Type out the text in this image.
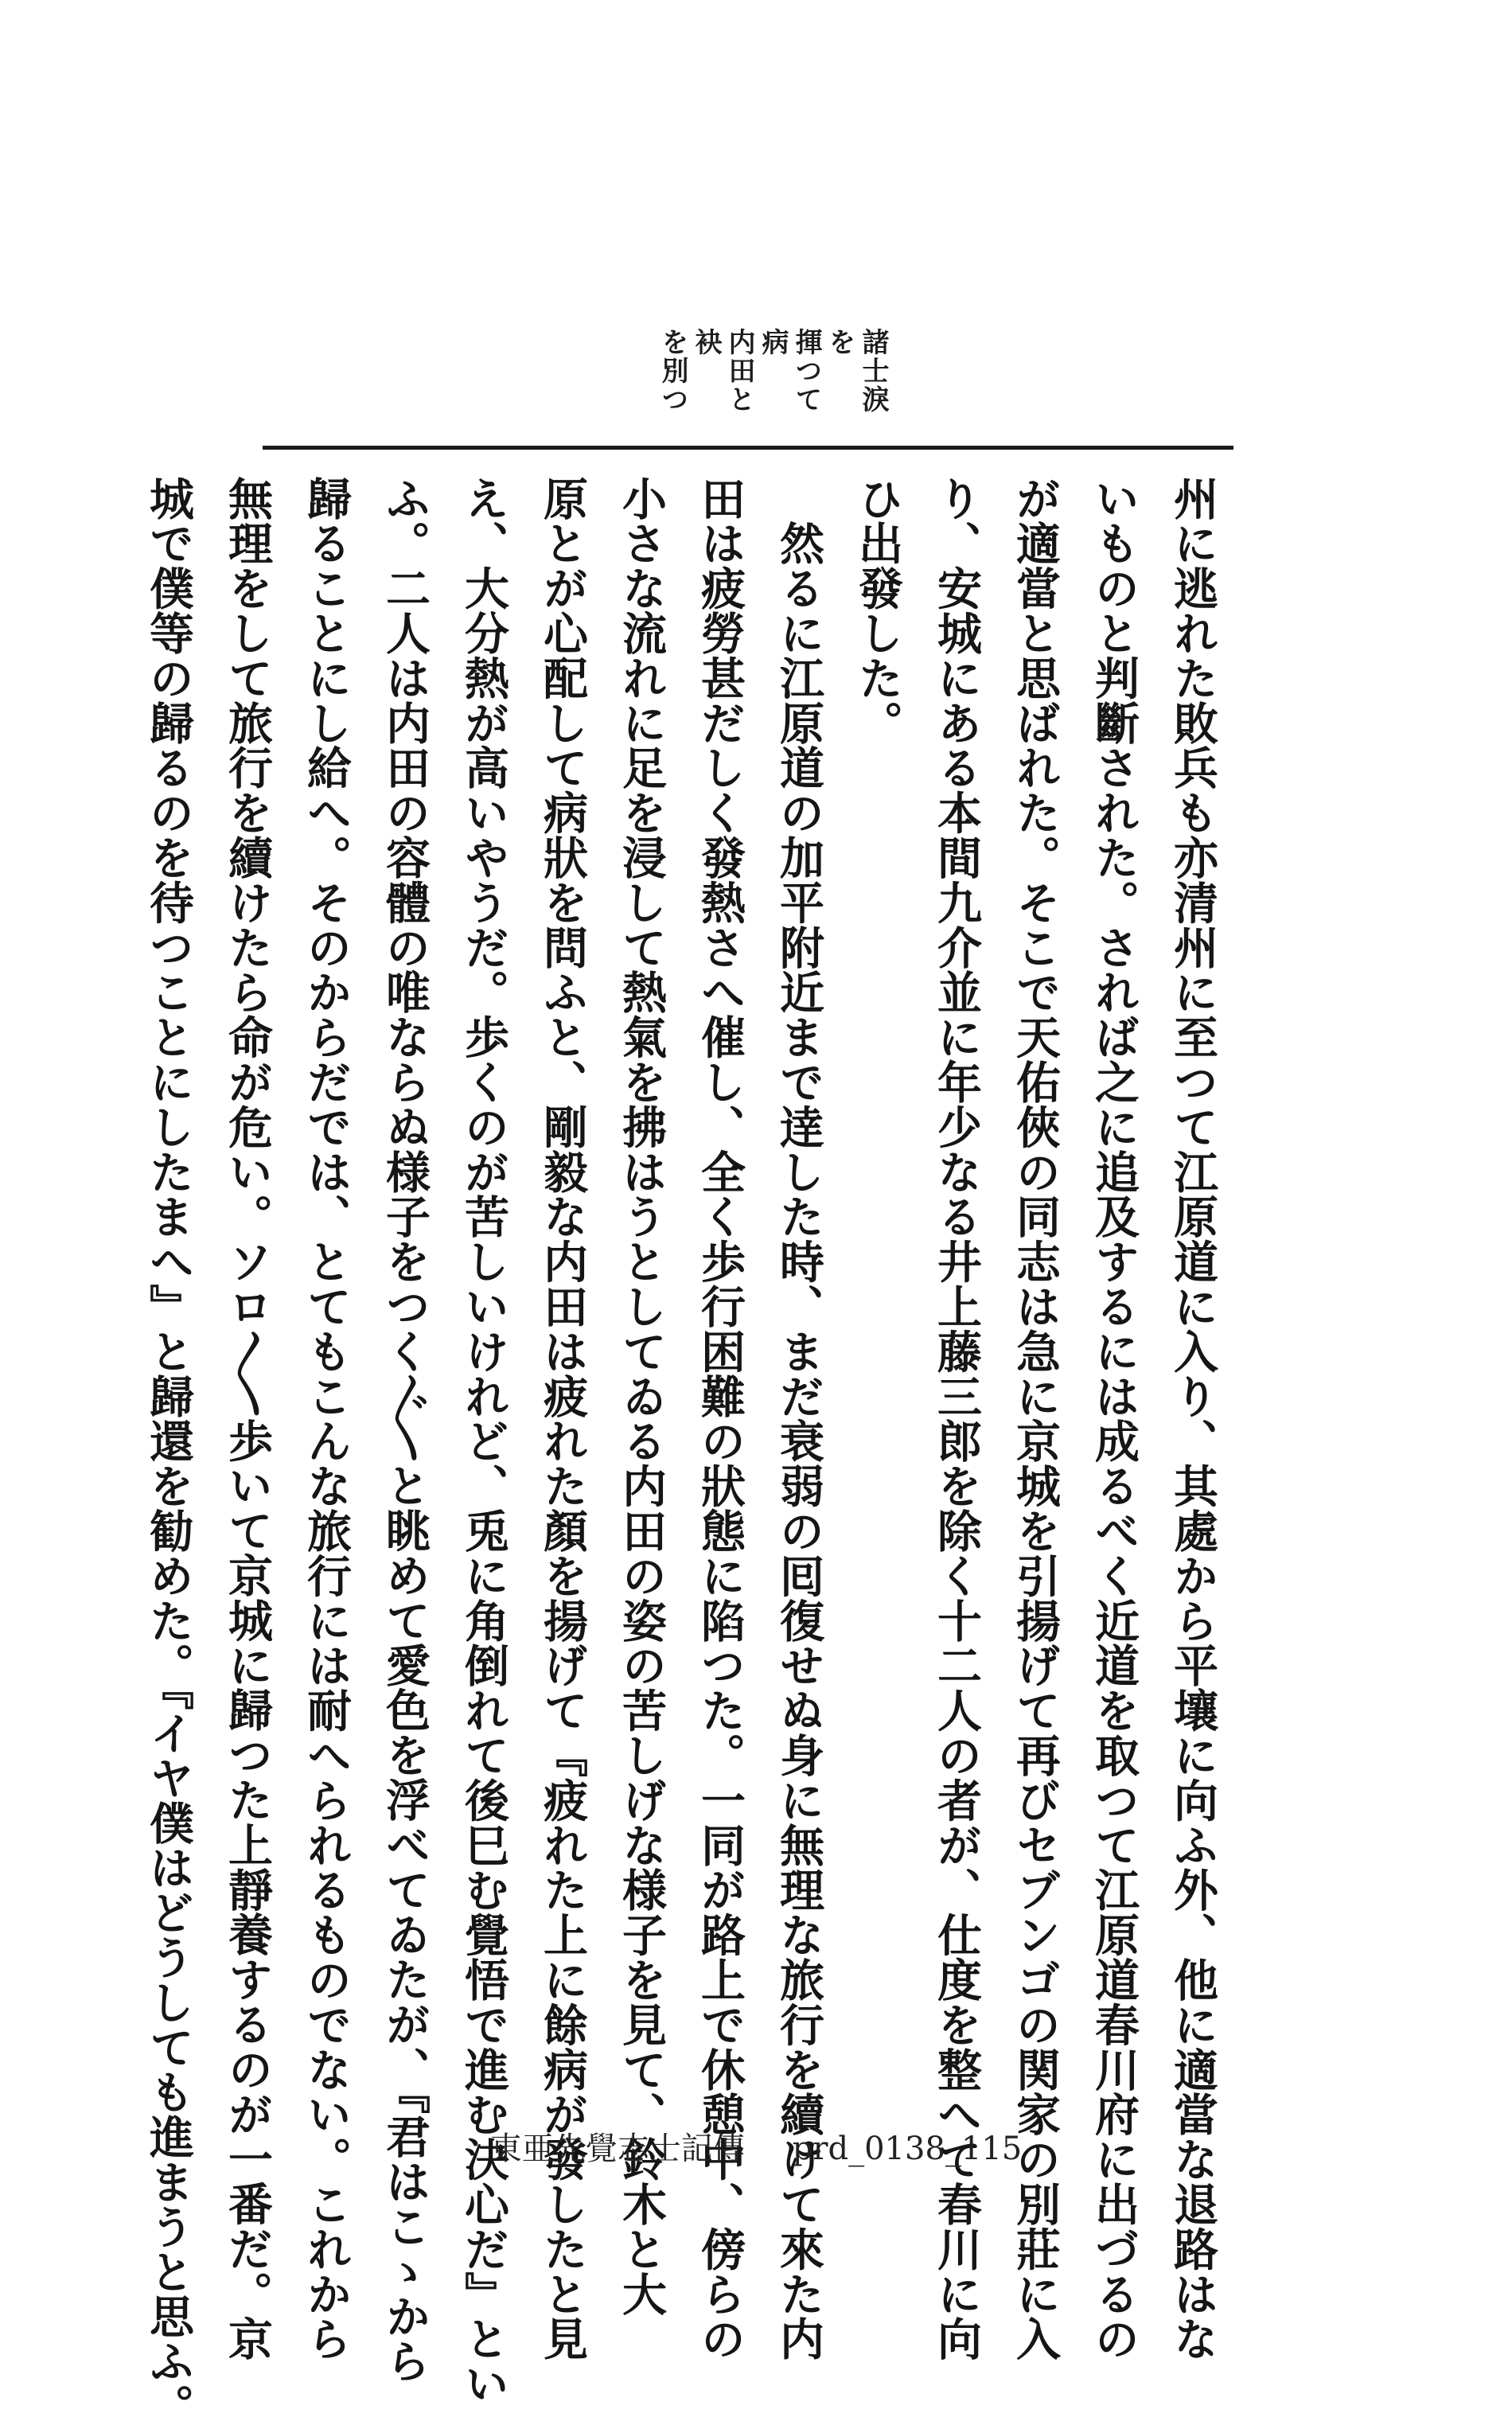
諸士淚を
揮つて病
内田と袂
を別つ
州に逃れた敗兵も亦清州に至つて江原道に入り、其處から平壤に向ふ外、他に適當な退路はな
いものと判斷された。されば之に追及するには成るべく近道を取つて江原道春川府に出づるの
が適當と思ばれた。そこで天佑俠の同志は急に京城を引揚げて再びセブンゴの関家の別莊に入
り、安城にある本間九介並に年少なる井上藤三郎を除く十二人の者が、仕度を整へて春川に向
ひ出發した。
　然るに江原道の加平附近まで逹した時、まだ衰弱の囘復せぬ身に無理な旅行を續けて來た内
田は疲勞甚だしく發熱さへ催し、全く歩行困難の狀態に陷つた。一同が路上で休憩中、傍らの
小さな流れに足を浸して熱氣を拂はうとしてゐる内田の姿の苦しげな様子を見て、鈴木と大
原とが心配して病狀を問ふと、剛毅な内田は疲れた顏を揚げて『疲れた上に餘病が發したと見
え、大分熱が高いやうだ。歩くのが苦しいけれど、兎に角倒れて後巳む覺悟で進む決心だ』とい
ふ。二人は内田の容體の唯ならぬ様子をつく〴〵と眺めて愛色を浮べてゐたが、『君はこゝから
歸ることにし給へ。そのからだでは、とてもこんな旅行には耐へられるものでない。これから
無理をして旅行を續けたら命が危い。ソロ〳〵歩いて京城に歸つた上靜養するのが一番だ。京
城で僕等の歸るのを待つことにしたまへ』と歸還を勧めた。『イヤ僕はどうしても進まうと思ふ。	東亜先覺志士記傳 prd_0138_115
